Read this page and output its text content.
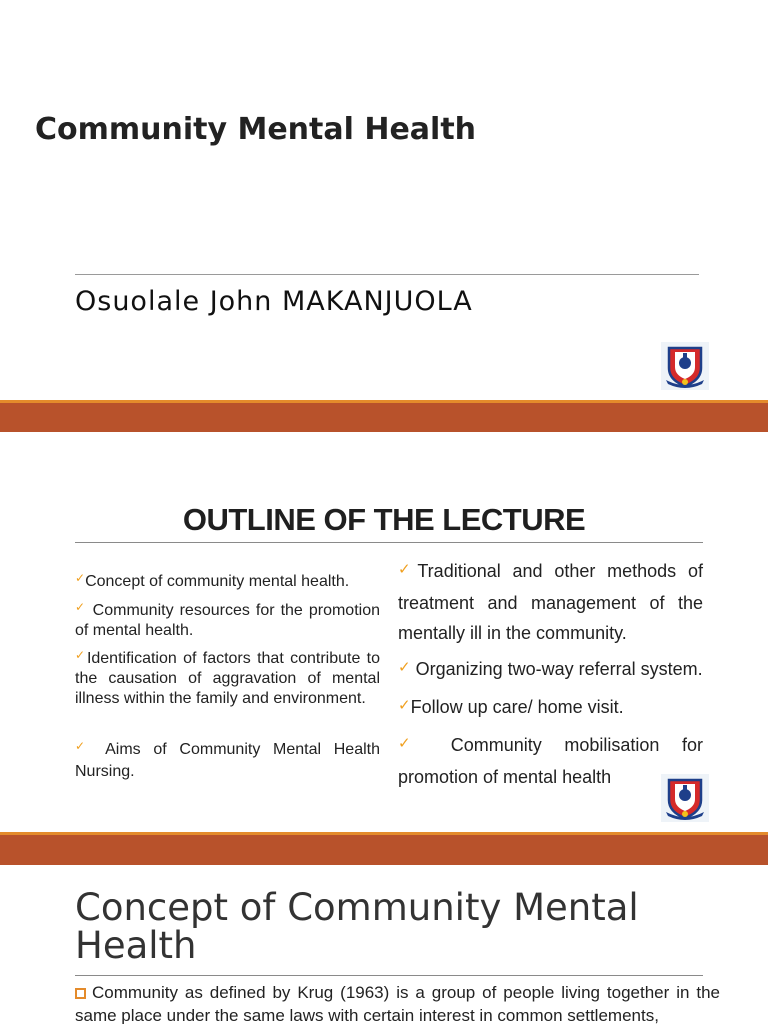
Community Mental Health
Osuolale John MAKANJUOLA
OUTLINE OF THE LECTURE
✓Concept of community mental health.
✓ Community resources for the promotion of mental health.
✓Identification of factors that contribute to the causation of aggravation of mental illness within the family and environment.
✓ Aims of Community Mental Health Nursing.
✓Traditional and other methods of treatment and management of the mentally ill in the community.
✓ Organizing two-way referral system.
✓Follow up care/ home visit.
✓ Community mobilisation for promotion of mental health
Concept of Community Mental Health
Community as defined by Krug (1963) is a group of people living together in the same place under the same laws with certain interest in common settlements,
